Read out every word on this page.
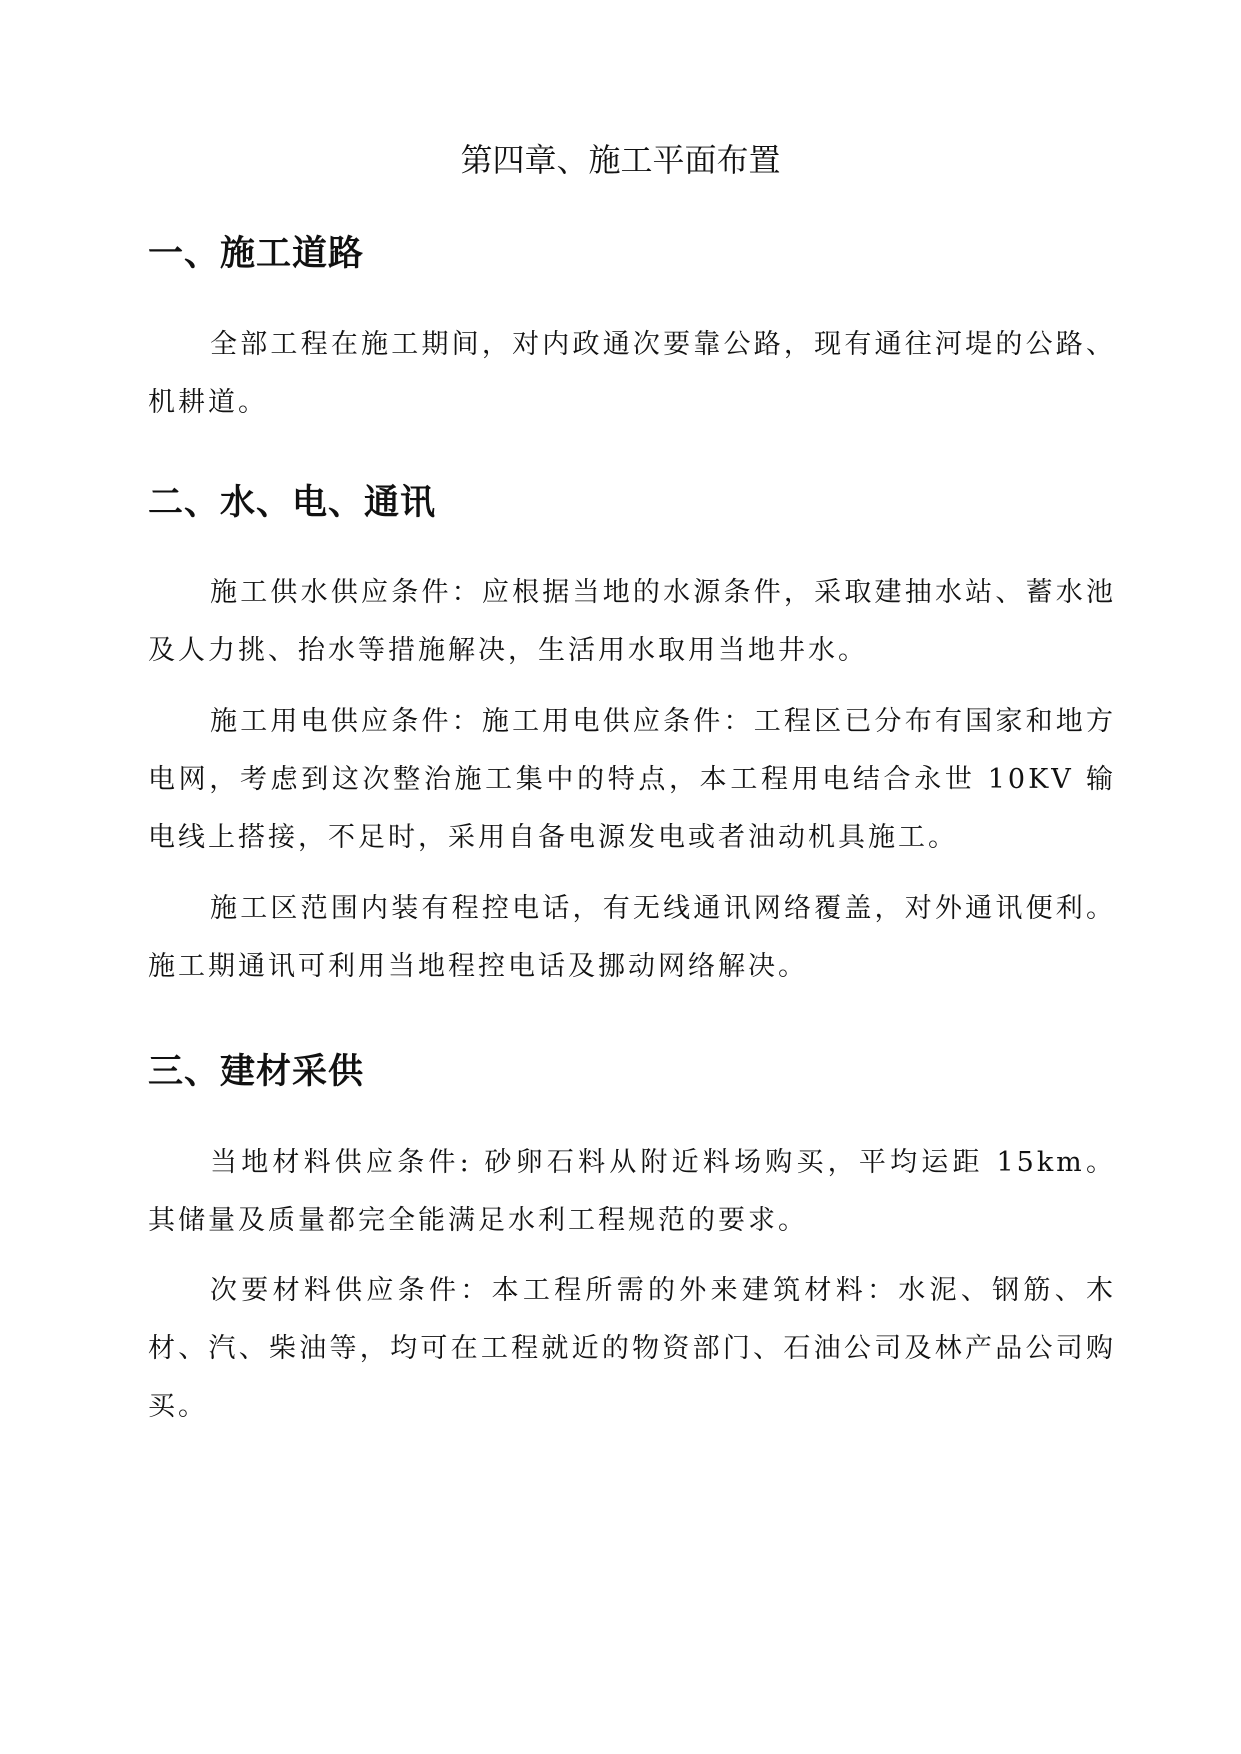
第四章、施工平面布置
一、施工道路

全部工程在施工期间，对内政通次要靠公路，现有通往河堤的公路、机耕道。

二、水、电、通讯

施工供水供应条件：应根据当地的水源条件，采取建抽水站、蓄水池及人力挑、抬水等措施解决，生活用水取用当地井水。

施工用电供应条件：施工用电供应条件：工程区已分布有国家和地方电网，考虑到这次整治施工集中的特点，本工程用电结合永世 10KV 输电线上搭接，不足时，采用自备电源发电或者油动机具施工。

施工区范围内装有程控电话，有无线通讯网络覆盖，对外通讯便利。施工期通讯可利用当地程控电话及挪动网络解决。

三、建材采供

当地材料供应条件: 砂卵石料从附近料场购买，平均运距 15km。 其储量及质量都完全能满足水利工程规范的要求。

次要材料供应条件：本工程所需的外来建筑材料：水泥、钢筋、木材、汽、柴油等，均可在工程就近的物资部门、石油公司及林产品公司购买。
